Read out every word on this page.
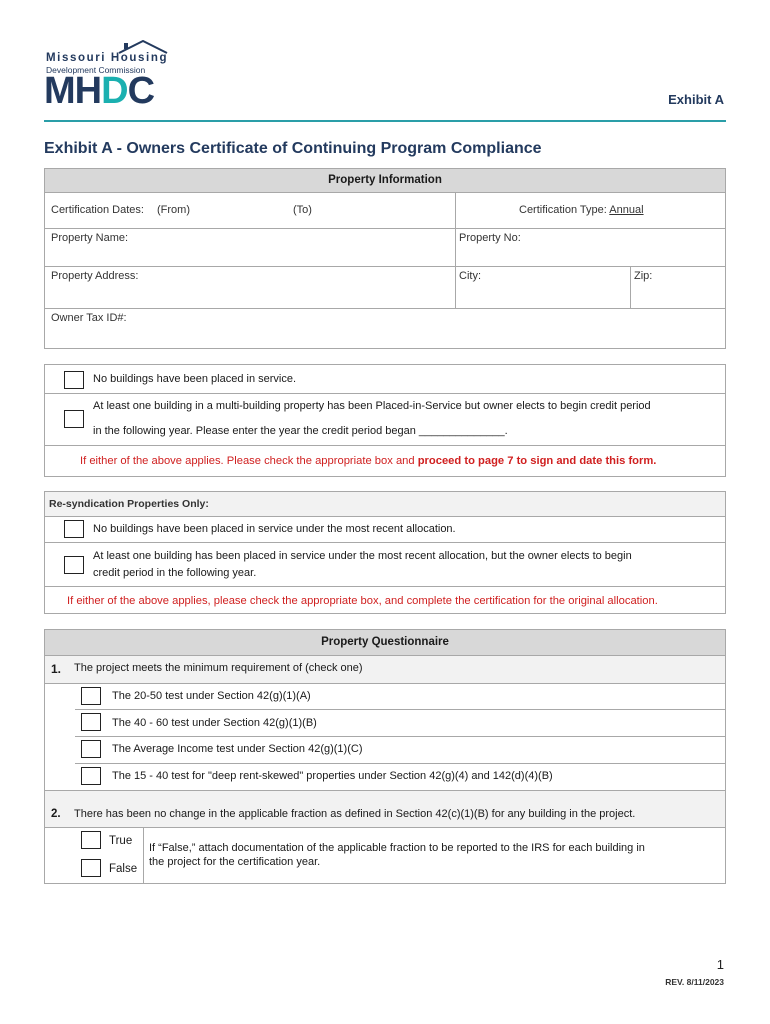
Missouri Housing
Development Commission
MHDC	Exhibit A
Exhibit A - Owners Certificate of Continuing Program Compliance
Property Information
Certification Dates: (From)	(To)	Certification Type: Annual
Property Name:	Property No:
Property Address:	City:	Zip:
Owner Tax ID#:
No buildings have been placed in service.
At least one building in a multi-building property has been Placed-in-Service but owner elects to begin credit period
in the following year. Please enter the year the credit period began ______________.
If either of the above applies. Please check the appropriate box and proceed to page 7 to sign and date this form.
Re-syndication Properties Only:
No buildings have been placed in service under the most recent allocation.
At least one building has been placed in service under the most recent allocation, but the owner elects to begin
credit period in the following year.
If either of the above applies, please check the appropriate box, and complete the certification for the original allocation.
Property Questionnaire
1. The project meets the minimum requirement of (check one)
The 20-50 test under Section 42(g)(1)(A)
The 40 - 60 test under Section 42(g)(1)(B)
The Average Income test under Section 42(g)(1)(C)
The 15 - 40 test for "deep rent-skewed" properties under Section 42(g)(4) and 142(d)(4)(B)
2. There has been no change in the applicable fraction as defined in Section 42(c)(1)(B) for any building in the project.
True
False
If “False,” attach documentation of the applicable fraction to be reported to the IRS for each building in
the project for the certification year.
1
REV. 8/11/2023
